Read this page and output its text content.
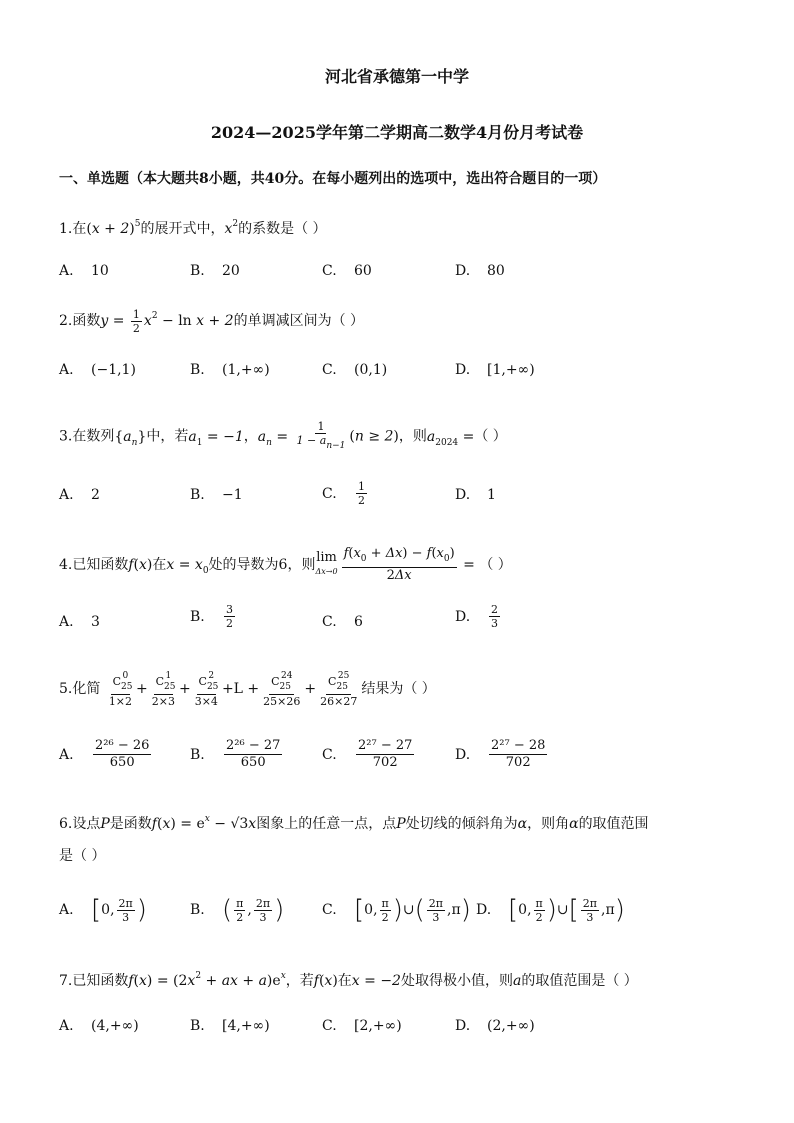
河北省承德第一中学
2024—2025学年第二学期高二数学4月份月考试卷
一、单选题（本大题共8小题，共40分。在每小题列出的选项中，选出符合题目的一项）
1.在$(x + 2)^5$的展开式中，$x^2$的系数是（ ）
A. 10	B. 20	C. 60	D. 80
2.函数$y = \frac{1}{2} x^2 - \ln x + 2$的单调减区间为（ ）
A. (−1,1)	B. (1,+∞)	C. (0,1)	D. [1,+∞)
3.在数列$\{a_n\}$中，若$a_1 = -1$，$a_n = \frac{1}{1 - a_{n-1}} (n \ge 2)$，则$a_{2024}$ =（ ）
A. 2	B. −1	C. $\frac{1}{2}$	D. 1
4.已知函数f(x)在$x = x_0$处的导数为6，则 lim
$\Delta x\to 0 \frac{f(x_0 + \Delta x) - f(x_0)}{2\Delta x}$ = （ ）
A. 3	B. $\frac{3}{2}$	C. 6	D. $\frac{2}{3}$
5.化简 $\frac{C_{25}^0}{1\times 2} + \frac{C_{25}^1}{2\times 3} + \frac{C_{25}^2}{3\times 4} +L + \frac{C_{25}^{24}}{25\times 26} + \frac{C_{25}^{25}}{26\times 27}$ 结果为（ ）
A. $\frac{\text{2²⁶ − 26}}{650}$	B. $\frac{\text{2²⁶ − 27}}{650}$	C. $\frac{\text{2²⁷ − 27}}{702}$	D. $\frac{\text{2²⁷ − 28}}{702}$
6.设点P是函数$f(x) = e^x - √3x$图象上的任意一点，点P处切线的倾斜角为α，则角α的取值范围
是（ ）
A. [0, $\frac{2\pi}{3}$ )	B. ( $\frac{\pi}{2}$ , $\frac{2\pi}{3}$ )	C. [0, $\frac{\pi}{2}$ )∪( $\frac{2\pi}{3} ,\pi$) D. [0, $\frac{\pi}{2}$ )∪[ $\frac{2\pi}{3} ,\pi$)
7.已知函数$f(x) = (2x^2$ + ax + $a)e^x$，若f(x)在x = −2处取得极小值，则a的取值范围是（ ）
A. (4,+∞)	B. [4,+∞)	C. [2,+∞)	D. (2,+∞)
